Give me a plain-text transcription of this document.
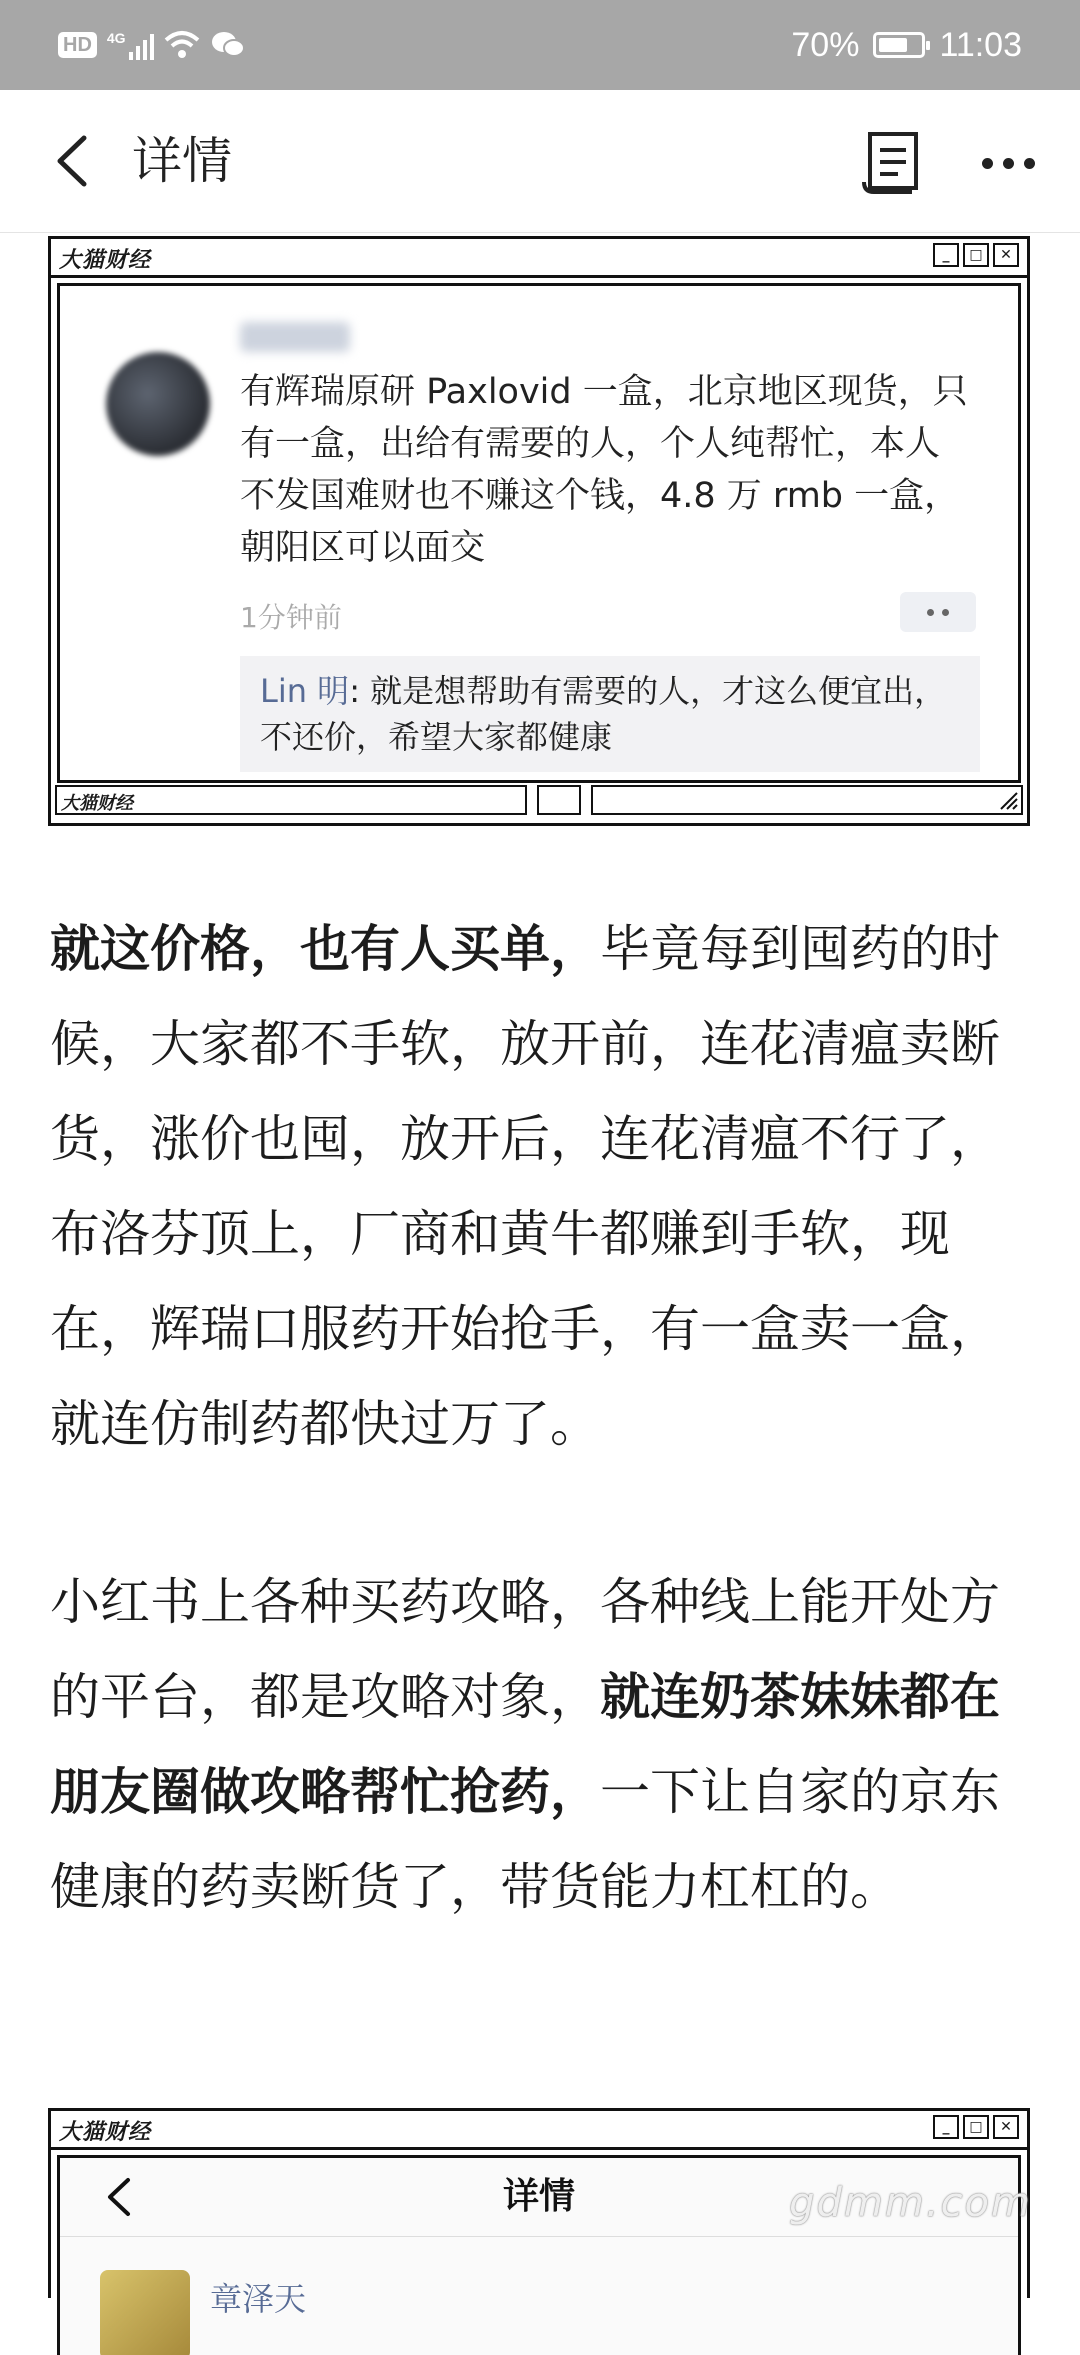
HD	4G	70% 11:03
详情
大猫财经	_	□	✕
有辉瑞原研 Paxlovid 一盒，北京地区现货，只有一盒，出给有需要的人，个人纯帮忙，本人不发国难财也不赚这个钱，4.8 万 rmb 一盒，朝阳区可以面交
1分钟前
Lin 明: 就是想帮助有需要的人，才这么便宜出，不还价，希望大家都健康
大猫财经
就这价格，也有人买单，毕竟每到囤药的时候，大家都不手软，放开前，连花清瘟卖断货，涨价也囤，放开后，连花清瘟不行了，布洛芬顶上，厂商和黄牛都赚到手软，现在，辉瑞口服药开始抢手，有一盒卖一盒，就连仿制药都快过万了。
小红书上各种买药攻略，各种线上能开处方的平台，都是攻略对象，就连奶茶妹妹都在朋友圈做攻略帮忙抢药，一下让自家的京东健康的药卖断货了，带货能力杠杠的。
大猫财经	_	□	✕
详情
章泽天
gdmm.com
